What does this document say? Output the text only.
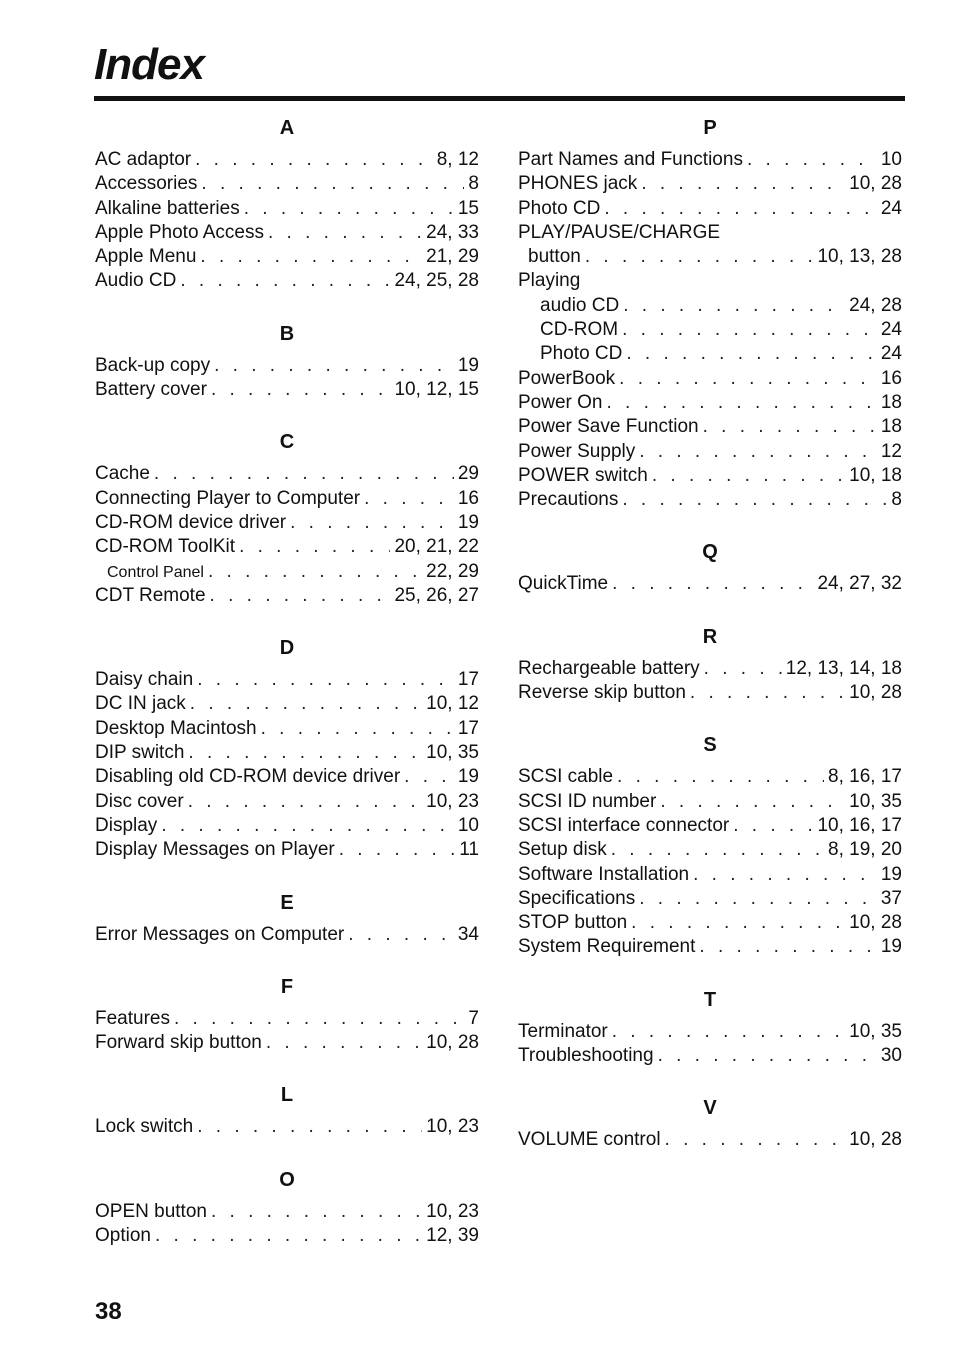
Index
A
AC adaptor . . .	8, 12
Accessories . . .	8
Alkaline batteries . . .	15
Apple Photo Access . . .	24, 33
Apple Menu . . .	21, 29
Audio CD . . .	24, 25, 28
B
Back-up copy . . .	19
Battery cover . . .	10, 12, 15
C
Cache . . .	29
Connecting Player to Computer . . .	16
CD-ROM device driver . . .	19
CD-ROM ToolKit . . .	20, 21, 22
Control Panel . . .	22, 29
CDT Remote . . .	25, 26, 27
D
Daisy chain . . .	17
DC IN jack . . .	10, 12
Desktop Macintosh . . .	17
DIP switch . . .	10, 35
Disabling old CD-ROM device driver . . .	19
Disc cover . . .	10, 23
Display . . .	10
Display Messages on Player . . .	11
E
Error Messages on Computer . . .	34
F
Features . . .	7
Forward skip button . . .	10, 28
L
Lock switch . . .	10, 23
O
OPEN button . . .	10, 23
Option . . .	12, 39
P
Part Names and Functions . . .	10
PHONES jack . . .	10, 28
Photo CD . . .	24
PLAY/PAUSE/CHARGE
button . . .	10, 13, 28
Playing
audio CD . . .	24, 28
CD-ROM . . .	24
Photo CD . . .	24
PowerBook . . .	16
Power On . . .	18
Power Save Function . . .	18
Power Supply . . .	12
POWER switch . . .	10, 18
Precautions . . .	8
Q
QuickTime . . .	24, 27, 32
R
Rechargeable battery . . .	12, 13, 14, 18
Reverse skip button . . .	10, 28
S
SCSI cable . . .	8, 16, 17
SCSI ID number . . .	10, 35
SCSI interface connector . . .	10, 16, 17
Setup disk . . .	8, 19, 20
Software Installation . . .	19
Specifications . . .	37
STOP button . . .	10, 28
System Requirement . . .	19
T
Terminator . . .	10, 35
Troubleshooting . . .	30
V
VOLUME control . . .	10, 28
38
